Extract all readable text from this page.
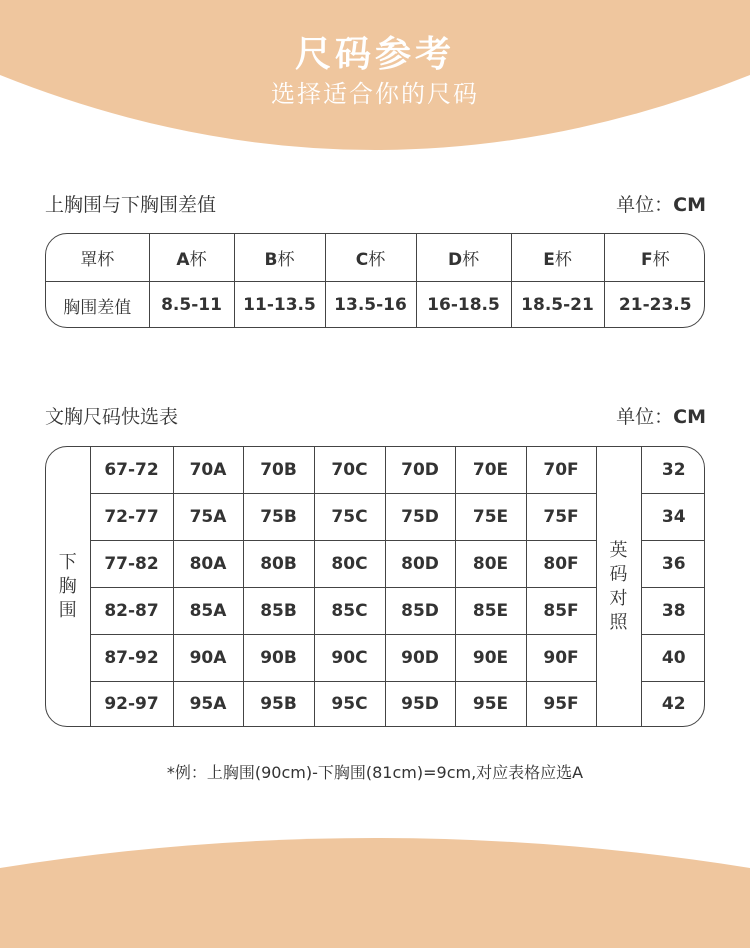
尺码参考
选择适合你的尺码
上胸围与下胸围差值	单位：CM
罩杯	A杯	B杯	C杯	D杯	E杯	F杯
胸围差值	8.5-11	11-13.5	13.5-16	16-18.5	18.5-21	21-23.5
文胸尺码快选表	单位：CM
下胸围	67-72	70A	70B	70C	70D	70E	70F	英码对照	32
	72-77	75A	75B	75C	75D	75E	75F		34
	77-82	80A	80B	80C	80D	80E	80F		36
	82-87	85A	85B	85C	85D	85E	85F		38
	87-92	90A	90B	90C	90D	90E	90F		40
	92-97	95A	95B	95C	95D	95E	95F		42
*例：上胸围(90cm)-下胸围(81cm)=9cm,对应表格应选A
